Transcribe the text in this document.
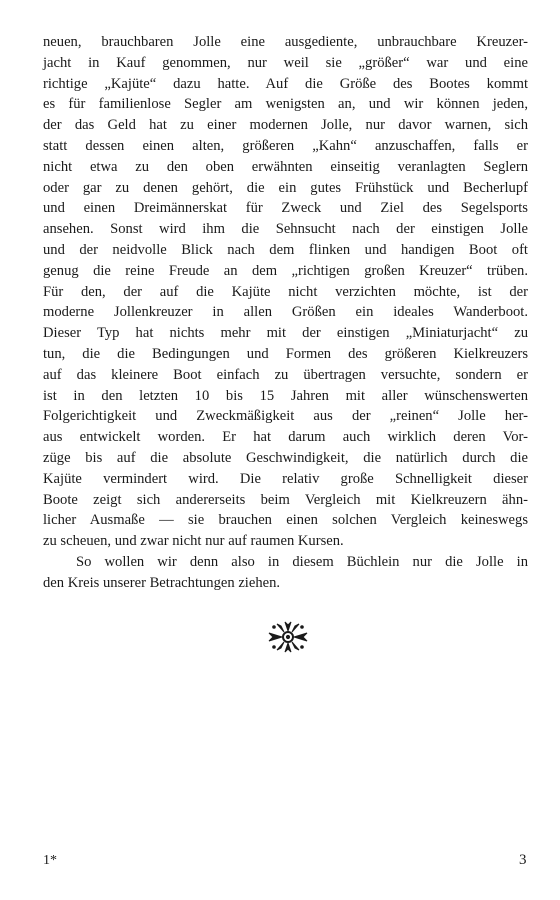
neuen, brauchbaren Jolle eine ausgediente, unbrauchbare Kreuzer-
jacht in Kauf genommen, nur weil sie „größer“ war und eine
richtige „Kajüte“ dazu hatte. Auf die Größe des Bootes kommt
es für familienlose Segler am wenigsten an, und wir können jeden,
der das Geld hat zu einer modernen Jolle, nur davor warnen, sich
statt dessen einen alten, größeren „Kahn“ anzuschaffen, falls er
nicht etwa zu den oben erwähnten einseitig veranlagten Seglern
oder gar zu denen gehört, die ein gutes Frühstück und Becherlupf
und einen Dreimännerskat für Zweck und Ziel des Segelsports
ansehen. Sonst wird ihm die Sehnsucht nach der einstigen Jolle
und der neidvolle Blick nach dem flinken und handigen Boot oft
genug die reine Freude an dem „richtigen großen Kreuzer“ trüben.
Für den, der auf die Kajüte nicht verzichten möchte, ist der
moderne Jollenkreuzer in allen Größen ein ideales Wanderboot.
Dieser Typ hat nichts mehr mit der einstigen „Miniaturjacht“ zu
tun, die die Bedingungen und Formen des größeren Kielkreuzers
auf das kleinere Boot einfach zu übertragen versuchte, sondern er
ist in den letzten 10 bis 15 Jahren mit aller wünschenswerten
Folgerichtigkeit und Zweckmäßigkeit aus der „reinen“ Jolle her-
aus entwickelt worden. Er hat darum auch wirklich deren Vor-
züge bis auf die absolute Geschwindigkeit, die natürlich durch die
Kajüte vermindert wird. Die relativ große Schnelligkeit dieser
Boote zeigt sich andererseits beim Vergleich mit Kielkreuzern ähn-
licher Ausmaße — sie brauchen einen solchen Vergleich keineswegs
zu scheuen, und zwar nicht nur auf raumen Kursen.
So wollen wir denn also in diesem Büchlein nur die Jolle in
den Kreis unserer Betrachtungen ziehen.
1*	3
